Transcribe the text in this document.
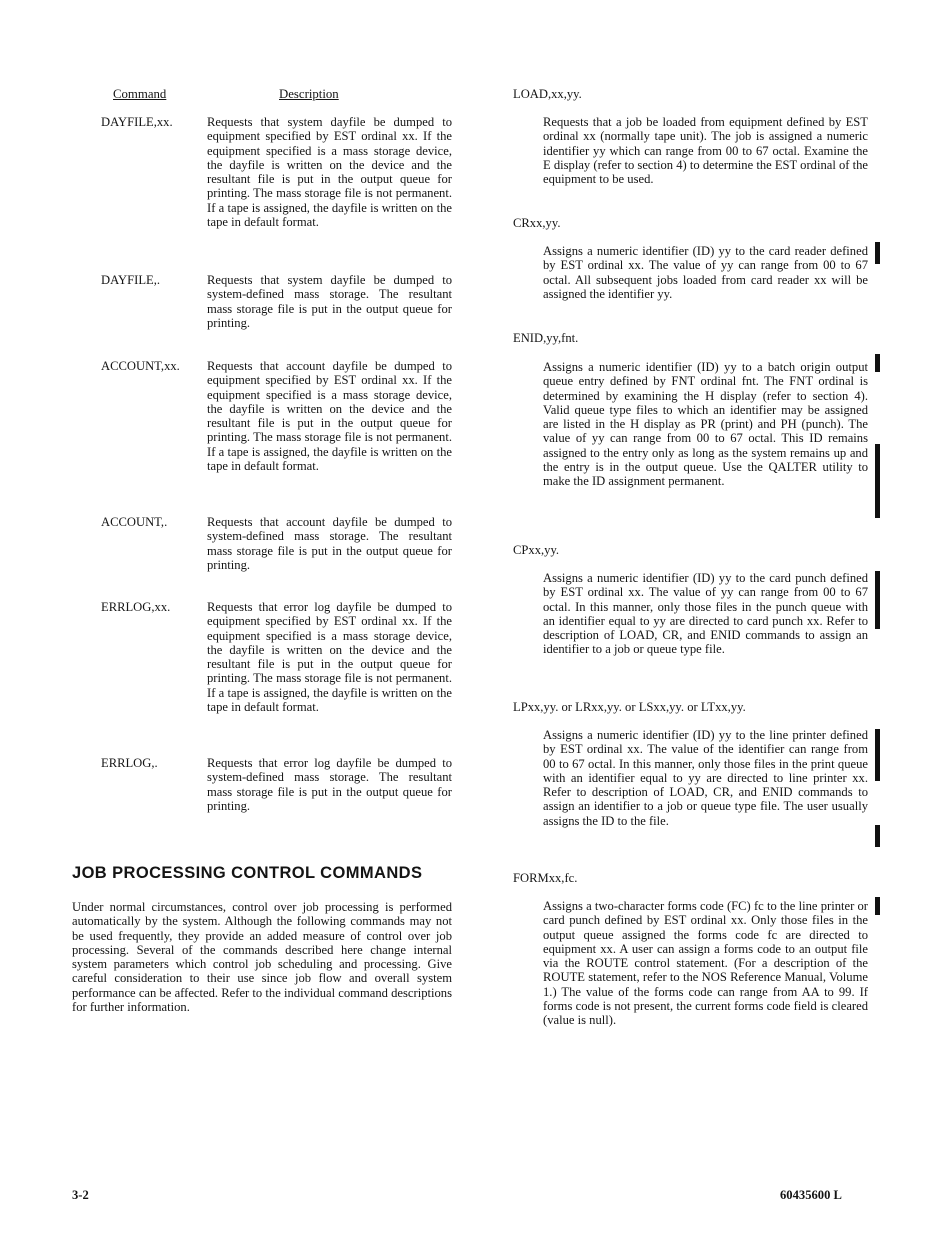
Command	Description
DAYFILE,xx.	Requests that system dayfile be dumped to equipment specified by EST ordinal xx. If the equipment specified is a mass storage device, the dayfile is written on the device and the resultant file is put in the output queue for printing. The mass storage file is not permanent. If a tape is assigned, the dayfile is written on the tape in default format.
DAYFILE,.	Requests that system dayfile be dumped to system-defined mass storage. The resultant mass storage file is put in the output queue for printing.
ACCOUNT,xx.	Requests that account dayfile be dumped to equipment specified by EST ordinal xx. If the equipment specified is a mass storage device, the dayfile is written on the device and the resultant file is put in the output queue for printing. The mass storage file is not permanent. If a tape is assigned, the dayfile is written on the tape in default format.
ACCOUNT,.	Requests that account dayfile be dumped to system-defined mass storage. The resultant mass storage file is put in the output queue for printing.
ERRLOG,xx.	Requests that error log dayfile be dumped to equipment specified by EST ordinal xx. If the equipment specified is a mass storage device, the dayfile is written on the device and the resultant file is put in the output queue for printing. The mass storage file is not permanent. If a tape is assigned, the dayfile is written on the tape in default format.
ERRLOG,.	Requests that error log dayfile be dumped to system-defined mass storage. The resultant mass storage file is put in the output queue for printing.
JOB PROCESSING CONTROL COMMANDS
Under normal circumstances, control over job processing is performed automatically by the system. Although the following commands may not be used frequently, they provide an added measure of control over job processing. Several of the commands described here change internal system parameters which control job scheduling and processing. Give careful consideration to their use since job flow and overall system performance can be affected. Refer to the individual command descriptions for further information.
LOAD,xx,yy.
Requests that a job be loaded from equipment defined by EST ordinal xx (normally tape unit). The job is assigned a numeric identifier yy which can range from 00 to 67 octal. Examine the E display (refer to section 4) to determine the EST ordinal of the equipment to be used.
CRxx,yy.
Assigns a numeric identifier (ID) yy to the card reader defined by EST ordinal xx. The value of yy can range from 00 to 67 octal. All subsequent jobs loaded from card reader xx will be assigned the identifier yy.
ENID,yy,fnt.
Assigns a numeric identifier (ID) yy to a batch origin output queue entry defined by FNT ordinal fnt. The FNT ordinal is determined by examining the H display (refer to section 4). Valid queue type files to which an identifier may be assigned are listed in the H display as PR (print) and PH (punch). The value of yy can range from 00 to 67 octal. This ID remains assigned to the entry only as long as the system remains up and the entry is in the output queue. Use the QALTER utility to make the ID assignment permanent.
CPxx,yy.
Assigns a numeric identifier (ID) yy to the card punch defined by EST ordinal xx. The value of yy can range from 00 to 67 octal. In this manner, only those files in the punch queue with an identifier equal to yy are directed to card punch xx. Refer to description of LOAD, CR, and ENID commands to assign an identifier to a job or queue type file.
LPxx,yy. or LRxx,yy. or LSxx,yy. or LTxx,yy.
Assigns a numeric identifier (ID) yy to the line printer defined by EST ordinal xx. The value of the identifier can range from 00 to 67 octal. In this manner, only those files in the print queue with an identifier equal to yy are directed to line printer xx. Refer to description of LOAD, CR, and ENID commands to assign an identifier to a job or queue type file. The user usually assigns the ID to the file.
FORMxx,fc.
Assigns a two-character forms code (FC) fc to the line printer or card punch defined by EST ordinal xx. Only those files in the output queue assigned the forms code fc are directed to equipment xx. A user can assign a forms code to an output file via the ROUTE control statement. (For a description of the ROUTE statement, refer to the NOS Reference Manual, Volume 1.) The value of the forms code can range from AA to 99. If forms code is not present, the current forms code field is cleared (value is null).
3-2	60435600 L
